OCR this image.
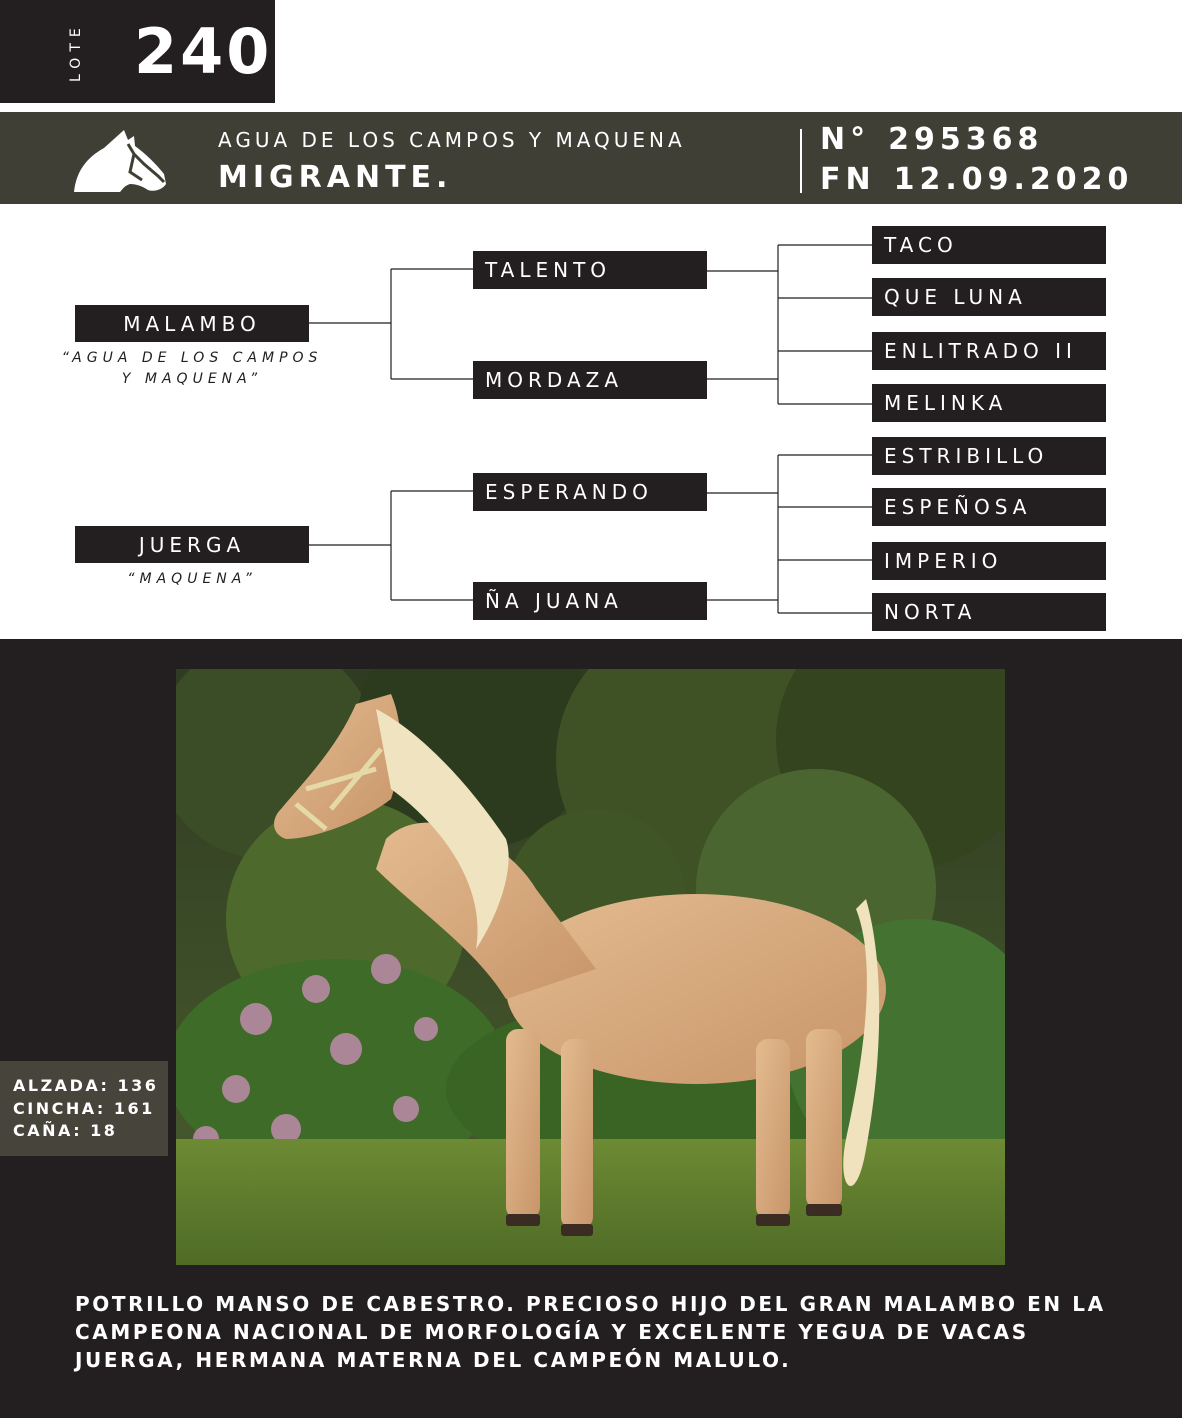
LOTE 240
AGUA DE LOS CAMPOS Y MAQUENA
MIGRANTE.
N° 295368
FN 12.09.2020
MALAMBO
“AGUA DE LOS CAMPOS Y MAQUENA”
JUERGA
“MAQUENA”
TALENTO
MORDAZA
ESPERANDO
ÑA JUANA
TACO
QUE LUNA
ENLITRADO II
MELINKA
ESTRIBILLO
ESPEÑOSA
IMPERIO
NORTA
ALZADA: 136
CINCHA: 161
CAÑA: 18
POTRILLO MANSO DE CABESTRO. PRECIOSO HIJO DEL GRAN MALAMBO EN LA CAMPEONA NACIONAL DE MORFOLOGÍA Y EXCELENTE YEGUA DE VACAS JUERGA, HERMANA MATERNA DEL CAMPEÓN MALULO.
